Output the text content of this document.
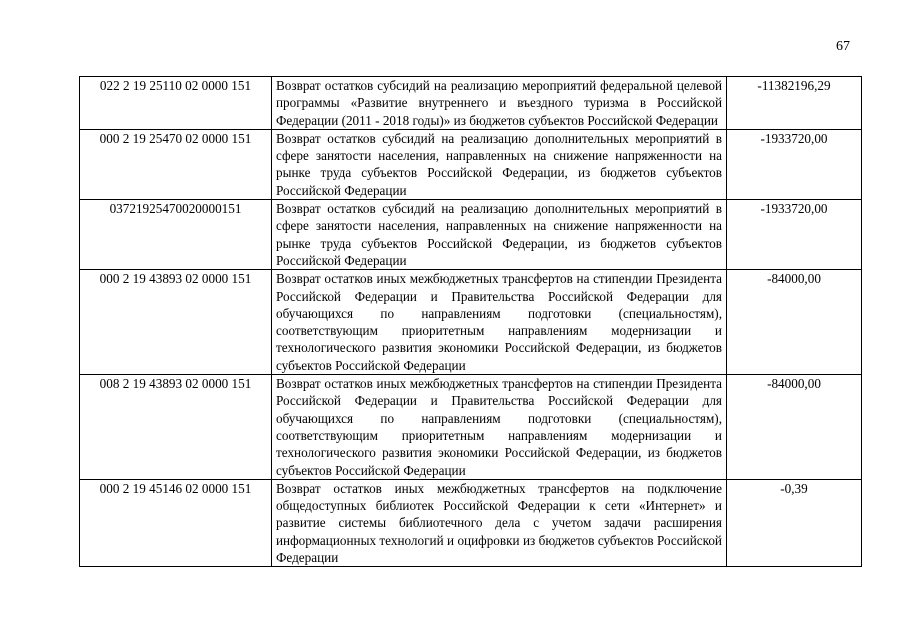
67
022 2 19 25110 02 0000 151	Возврат остатков субсидий на реализацию мероприятий федеральной целевой программы «Развитие внутреннего и въездного туризма в Российской Федерации (2011 - 2018 годы)» из бюджетов субъектов Российской Федерации	-11382196,29
000 2 19 25470 02 0000 151	Возврат остатков субсидий на реализацию дополнительных мероприятий в сфере занятости населения, направленных на снижение напряженности на рынке труда субъектов Российской Федерации, из бюджетов субъектов Российской Федерации	-1933720,00
03721925470020000151	Возврат остатков субсидий на реализацию дополнительных мероприятий в сфере занятости населения, направленных на снижение напряженности на рынке труда субъектов Российской Федерации, из бюджетов субъектов Российской Федерации	-1933720,00
000 2 19 43893 02 0000 151	Возврат остатков иных межбюджетных трансфертов на стипендии Президента Российской Федерации и Правительства Российской Федерации для обучающихся по направлениям подготовки (специальностям), соответствующим приоритетным направлениям модернизации и технологического развития экономики Российской Федерации, из бюджетов субъектов Российской Федерации	-84000,00
008 2 19 43893 02 0000 151	Возврат остатков иных межбюджетных трансфертов на стипендии Президента Российской Федерации и Правительства Российской Федерации для обучающихся по направлениям подготовки (специальностям), соответствующим приоритетным направлениям модернизации и технологического развития экономики Российской Федерации, из бюджетов субъектов Российской Федерации	-84000,00
000 2 19 45146 02 0000 151	Возврат остатков иных межбюджетных трансфертов на подключение общедоступных библиотек Российской Федерации к сети «Интернет» и развитие системы библиотечного дела с учетом задачи расширения информационных технологий и оцифровки из бюджетов субъектов Российской Федерации	-0,39
